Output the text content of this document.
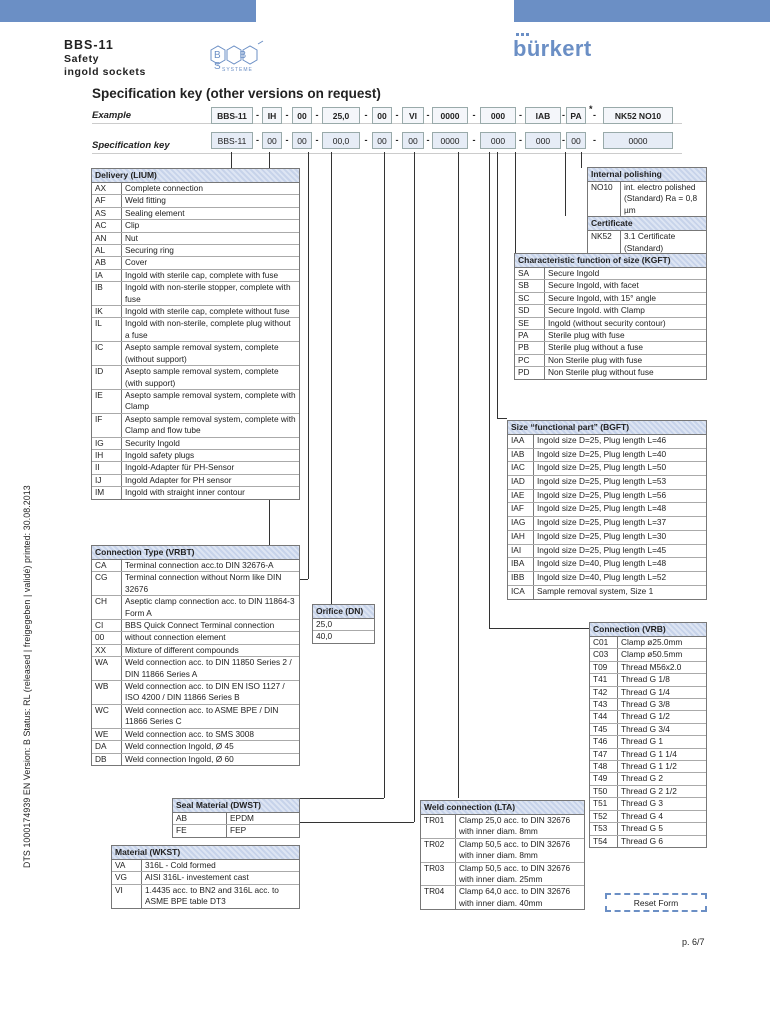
BBS-11
Safety
ingold sockets
B B S
SYSTEME
bürkert
Specification key (other versions on request)
Example
Specification key
BBS-11	-	IH	-	00 -	25,0	-	00 -	VI	-	0000	-	000	-	IAB	- PA	-	NK52 NO10
BBS-11	- 00 -	00 -	00,0	-	00 -	00 -	0000	-	000	-	000	- 00	-	0000
*
Delivery (LIUM)
AX	Complete connection
AF	Weld fitting
AS	Sealing element
AC	Clip
AN	Nut
AL	Securing ring
AB	Cover
IA	Ingold with sterile cap, complete with fuse
IB	Ingold with non-sterile stopper, complete with fuse
IK	Ingold with sterile cap, complete without fuse
IL	Ingold with non-sterile, complete plug without a fuse
IC	Asepto sample removal system, complete (without support)
ID	Asepto sample removal system, complete (with support)
IE	Asepto sample removal system, complete with Clamp
IF	Asepto sample removal system, complete with Clamp and flow tube
IG	Security Ingold
IH	Ingold safety plugs
II	Ingold-Adapter für PH-Sensor
IJ	Ingold Adapter for PH sensor
IM	Ingold with straight inner contour
Connection Type (VRBT)
CA	Terminal connection acc.to DIN 32676-A
CG	Terminal connection without Norm like DIN 32676
CH	Aseptic clamp connection acc. to DIN 11864-3 Form A
CI	BBS Quick Connect Terminal connection
00	without connection element
XX	Mixture of different compounds
WA	Weld connection acc. to DIN 11850 Series 2 / DIN 11866 Series A
WB	Weld connection acc. to DIN EN ISO 1127 / ISO 4200 / DIN 11866 Series B
WC	Weld connection acc. to ASME BPE / DIN 11866 Series C
WE	Weld connection acc. to SMS 3008
DA	Weld connection Ingold, Ø 45
DB	Weld connection Ingold, Ø 60
Orifice (DN)
25,0
40,0
Seal Material (DWST)
AB	EPDM
FE	FEP
Material (WKST)
VA	316L - Cold formed
VG	AISI 316L- investement cast
VI	1.4435 acc. to BN2 and 316L acc. to ASME BPE table DT3
Weld connection (LTA)
TR01	Clamp 25,0 acc. to DIN 32676 with inner diam. 8mm
TR02	Clamp 50,5 acc. to DIN 32676 with inner diam. 8mm
TR03	Clamp 50,5 acc. to DIN 32676 with inner diam. 25mm
TR04	Clamp 64,0 acc. to DIN 32676 with inner diam. 40mm
Internal polishing
NO10	int. electro polished (Standard) Ra = 0,8 µm
Certificate
NK52	3.1 Certificate (Standard)
Characteristic function of size (KGFT)
SA	Secure Ingold
SB	Secure Ingold, with facet
SC	Secure Ingold, with 15° angle
SD	Secure Ingold. with Clamp
SE	Ingold (without security contour)
PA	Sterile plug with fuse
PB	Sterile plug without a fuse
PC	Non Sterile plug with fuse
PD	Non Sterile plug without fuse
Size “functional part” (BGFT)
IAA	Ingold size D=25, Plug length L=46
IAB	Ingold size D=25, Plug length L=40
IAC	Ingold size D=25, Plug length L=50
IAD	Ingold size D=25, Plug length L=53
IAE	Ingold size D=25, Plug length L=56
IAF	Ingold size D=25, Plug length L=48
IAG	Ingold size D=25, Plug length L=37
IAH	Ingold size D=25, Plug length L=30
IAI	Ingold size D=25, Plug length L=45
IBA	Ingold size D=40, Plug length L=48
IBB	Ingold size D=40, Plug length L=52
ICA	Sample removal system, Size 1
Connection (VRB)
C01	Clamp ø25.0mm
C03	Clamp ø50.5mm
T09	Thread M56x2.0
T41	Thread G 1/8
T42	Thread G 1/4
T43	Thread G 3/8
T44	Thread G 1/2
T45	Thread G 3/4
T46	Thread G 1
T47	Thread G 1 1/4
T48	Thread G 1 1/2
T49	Thread G 2
T50	Thread G 2 1/2
T51	Thread G 3
T52	Thread G 4
T53	Thread G 5
T54	Thread G 6
DTS 1000174939 EN Version: B Status: RL (released | freigegeben | validé) printed: 30.08.2013
Reset Form
p. 6/7
